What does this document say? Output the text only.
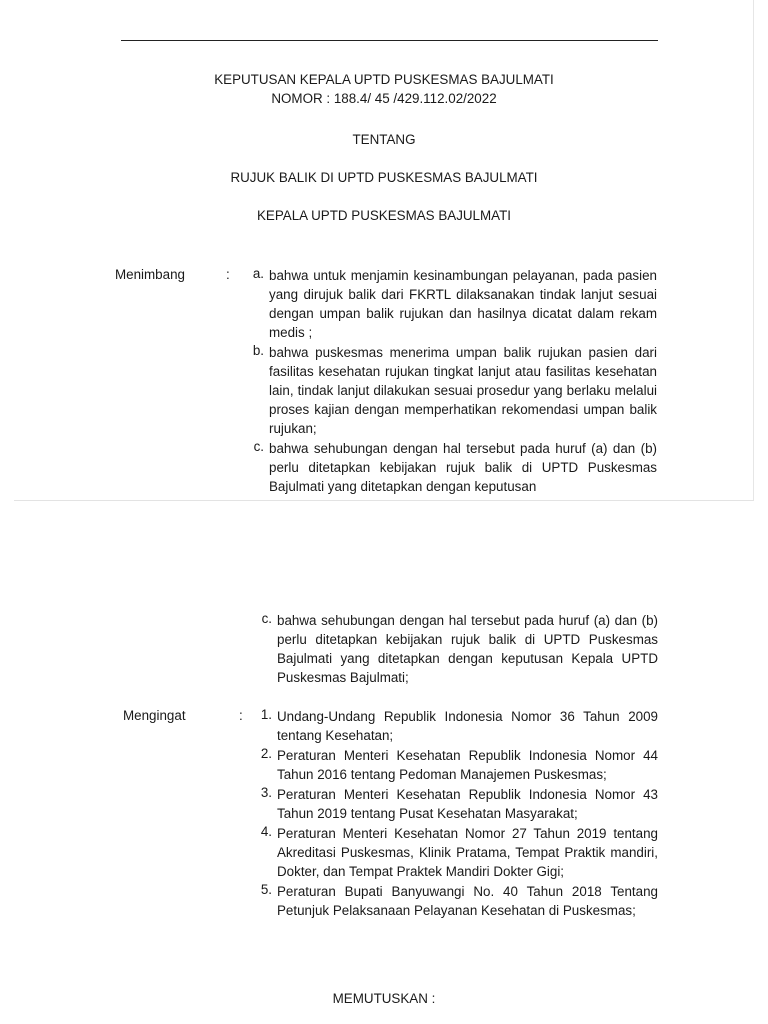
KEPUTUSAN KEPALA UPTD PUSKESMAS BAJULMATI
NOMOR : 188.4/ 45 /429.112.02/2022
TENTANG
RUJUK BALIK DI UPTD PUSKESMAS BAJULMATI
KEPALA UPTD PUSKESMAS BAJULMATI
Menimbang	:	a. bahwa untuk menjamin kesinambungan pelayanan, pada pasien yang dirujuk balik dari FKRTL dilaksanakan tindak lanjut sesuai dengan umpan balik rujukan dan hasilnya dicatat dalam rekam medis ;
b. bahwa puskesmas menerima umpan balik rujukan pasien dari fasilitas kesehatan rujukan tingkat lanjut atau fasilitas kesehatan lain, tindak lanjut dilakukan sesuai prosedur yang berlaku melalui proses kajian dengan memperhatikan rekomendasi umpan balik rujukan;
c. bahwa sehubungan dengan hal tersebut pada huruf (a) dan (b) perlu ditetapkan kebijakan rujuk balik di UPTD Puskesmas Bajulmati yang ditetapkan dengan keputusan
c. bahwa sehubungan dengan hal tersebut pada huruf (a) dan (b) perlu ditetapkan kebijakan rujuk balik di UPTD Puskesmas Bajulmati yang ditetapkan dengan keputusan Kepala UPTD Puskesmas Bajulmati;
Mengingat	:	1. Undang-Undang Republik Indonesia Nomor 36 Tahun 2009 tentang Kesehatan;
2. Peraturan Menteri Kesehatan Republik Indonesia Nomor 44 Tahun 2016 tentang Pedoman Manajemen Puskesmas;
3. Peraturan Menteri Kesehatan Republik Indonesia Nomor 43 Tahun 2019 tentang Pusat Kesehatan Masyarakat;
4. Peraturan Menteri Kesehatan Nomor 27 Tahun 2019 tentang Akreditasi Puskesmas, Klinik Pratama, Tempat Praktik mandiri, Dokter, dan Tempat Praktek Mandiri Dokter Gigi;
5. Peraturan Bupati Banyuwangi No. 40 Tahun 2018 Tentang Petunjuk Pelaksanaan Pelayanan Kesehatan di Puskesmas;
MEMUTUSKAN :
